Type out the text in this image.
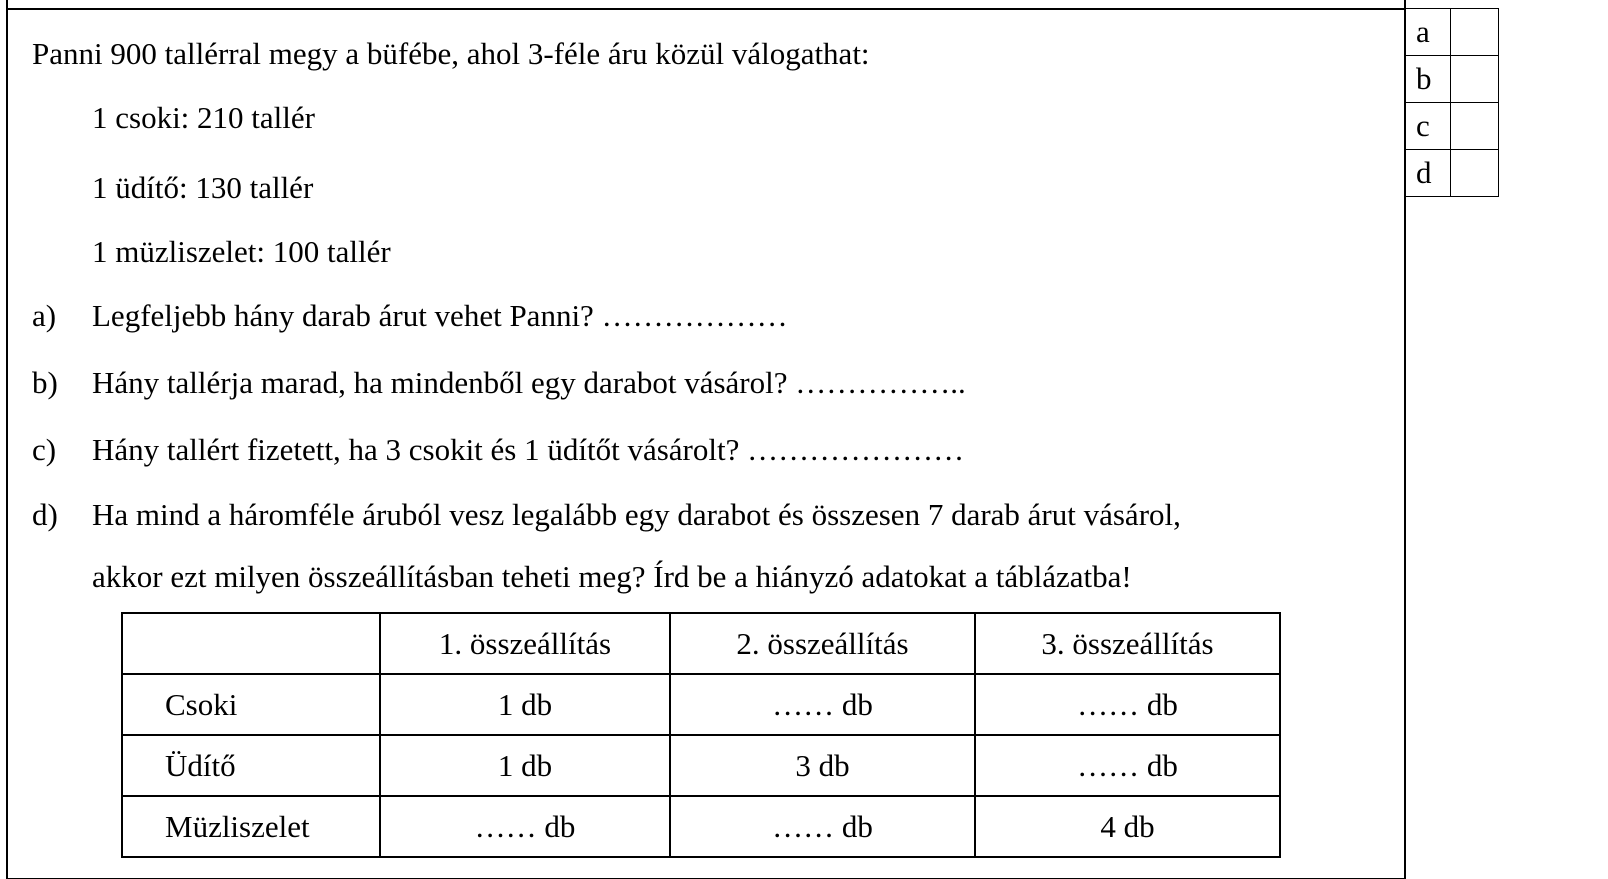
Panni 900 tallérral megy a büfébe, ahol 3-féle áru közül válogathat:
1 csoki: 210 tallér
1 üdítő: 130 tallér
1 müzliszelet: 100 tallér
a) Legfeljebb hány darab árut vehet Panni? ………………
b) Hány tallérja marad, ha mindenből egy darabot vásárol? ……………..
c) Hány tallért fizetett, ha 3 csokit és 1 üdítőt vásárolt? …………………
d) Ha mind a háromféle áruból vesz legalább egy darabot és összesen 7 darab árut vásárol,
akkor ezt milyen összeállításban teheti meg? Írd be a hiányzó adatokat a táblázatba!
a	
b	
c	
d	
	1. összeállítás	2. összeállítás	3. összeállítás
Csoki	1 db	…… db	…… db
Üdítő	1 db	3 db	…… db
Müzliszelet	…… db	…… db	4 db
